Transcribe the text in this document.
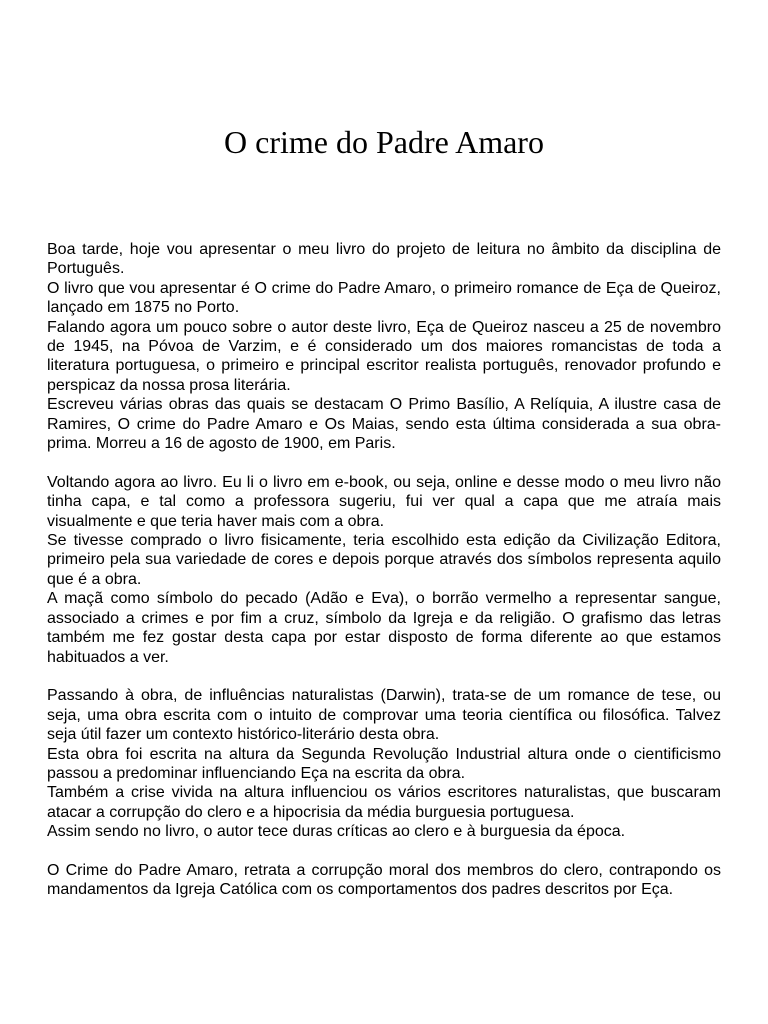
O crime do Padre Amaro

Boa tarde, hoje vou apresentar o meu livro do projeto de leitura no âmbito da disciplina de Português.

O livro que vou apresentar é O crime do Padre Amaro, o primeiro romance de Eça de Queiroz, lançado em 1875 no Porto.

Falando agora um pouco sobre o autor deste livro, Eça de Queiroz nasceu a 25 de novembro de 1945, na Póvoa de Varzim, e é considerado um dos maiores romancistas de toda a literatura portuguesa, o primeiro e principal escritor realista português, renovador profundo e perspicaz da nossa prosa literária.

Escreveu várias obras das quais se destacam O Primo Basílio, A Relíquia, A ilustre casa de Ramires, O crime do Padre Amaro e Os Maias, sendo esta última considerada a sua obra-prima. Morreu a 16 de agosto de 1900, em Paris.

Voltando agora ao livro. Eu li o livro em e-book, ou seja, online e desse modo o meu livro não tinha capa, e tal como a professora sugeriu, fui ver qual a capa que me atraía mais visualmente e que teria haver mais com a obra.

Se tivesse comprado o livro fisicamente, teria escolhido esta edição da Civilização Editora, primeiro pela sua variedade de cores e depois porque através dos símbolos representa aquilo que é a obra.

A maçã como símbolo do pecado (Adão e Eva), o borrão vermelho a representar sangue, associado a crimes e por fim a cruz, símbolo da Igreja e da religião. O grafismo das letras também me fez gostar desta capa por estar disposto de forma diferente ao que estamos habituados a ver.

Passando à obra, de influências naturalistas (Darwin), trata-se de um romance de tese, ou seja, uma obra escrita com o intuito de comprovar uma teoria científica ou filosófica. Talvez seja útil fazer um contexto histórico-literário desta obra.

Esta obra foi escrita na altura da Segunda Revolução Industrial altura onde o cientificismo passou a predominar influenciando Eça na escrita da obra.

Também a crise vivida na altura influenciou os vários escritores naturalistas, que buscaram atacar a corrupção do clero e a hipocrisia da média burguesia portuguesa.

Assim sendo no livro, o autor tece duras críticas ao clero e à burguesia da época.

O Crime do Padre Amaro, retrata a corrupção moral dos membros do clero, contrapondo os mandamentos da Igreja Católica com os comportamentos dos padres descritos por Eça.
